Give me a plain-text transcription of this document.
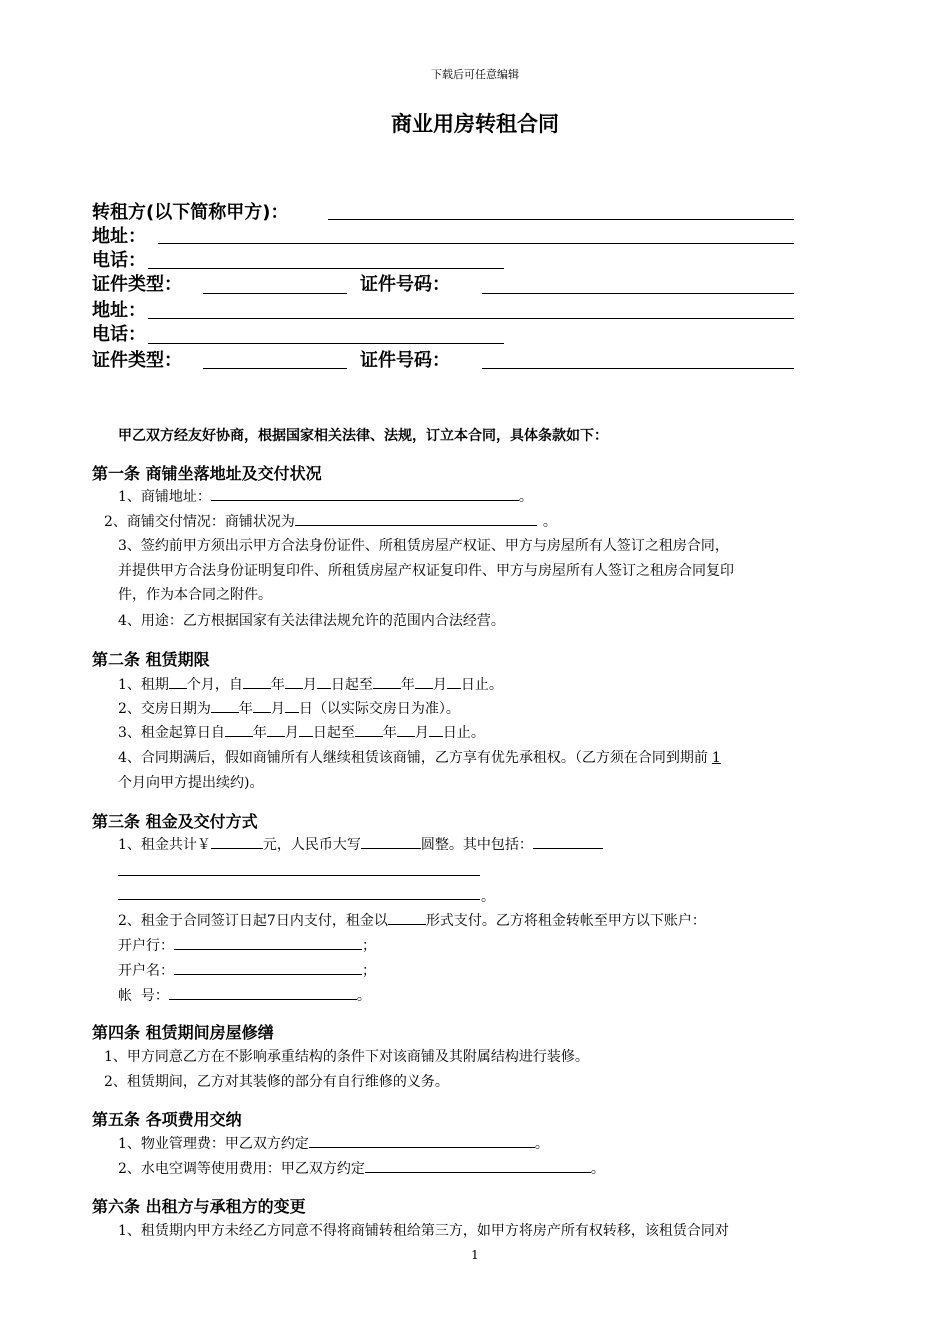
下载后可任意编辑
商业用房转租合同
转租方(以下简称甲方)：
地址：
电话：
证件类型：	证件号码：
地址：
电话：
证件类型：	证件号码：
甲乙双方经友好协商，根据国家相关法律、法规，订立本合同，具体条款如下：
第一条 商铺坐落地址及交付状况
1、商铺地址：	。
2、商铺交付情况：商铺状况为	。
3、签约前甲方须出示甲方合法身份证件、所租赁房屋产权证、甲方与房屋所有人签订之租房合同，
并提供甲方合法身份证明复印件、所租赁房屋产权证复印件、甲方与房屋所有人签订之租房合同复印
件，作为本合同之附件。
4、用途：乙方根据国家有关法律法规允许的范围内合法经营。
第二条 租赁期限
1、租期 个月，自 年 月 日起至 年 月 日止。
2、交房日期为 年 月 日（以实际交房日为准）。
3、租金起算日自 年 月 日起至 年 月 日止。
4、合同期满后，假如商铺所有人继续租赁该商铺，乙方享有优先承租权。（乙方须在合同到期前 1
个月向甲方提出续约)。
第三条 租金及交付方式
1、租金共计￥	元，人民币大写	圆整。其中包括：
。
2、租金于合同签订日起7日内支付，租金以	形式支付。乙方将租金转帐至甲方以下账户：
开户行：	；
开户名：	；
帐  号：	。
第四条 租赁期间房屋修缮
1、甲方同意乙方在不影响承重结构的条件下对该商铺及其附属结构进行装修。
2、租赁期间，乙方对其装修的部分有自行维修的义务。
第五条 各项费用交纳
1、物业管理费：甲乙双方约定	。
2、水电空调等使用费用：甲乙双方约定	。
第六条 出租方与承租方的变更
1、租赁期内甲方未经乙方同意不得将商铺转租给第三方，如甲方将房产所有权转移，该租赁合同对
1
